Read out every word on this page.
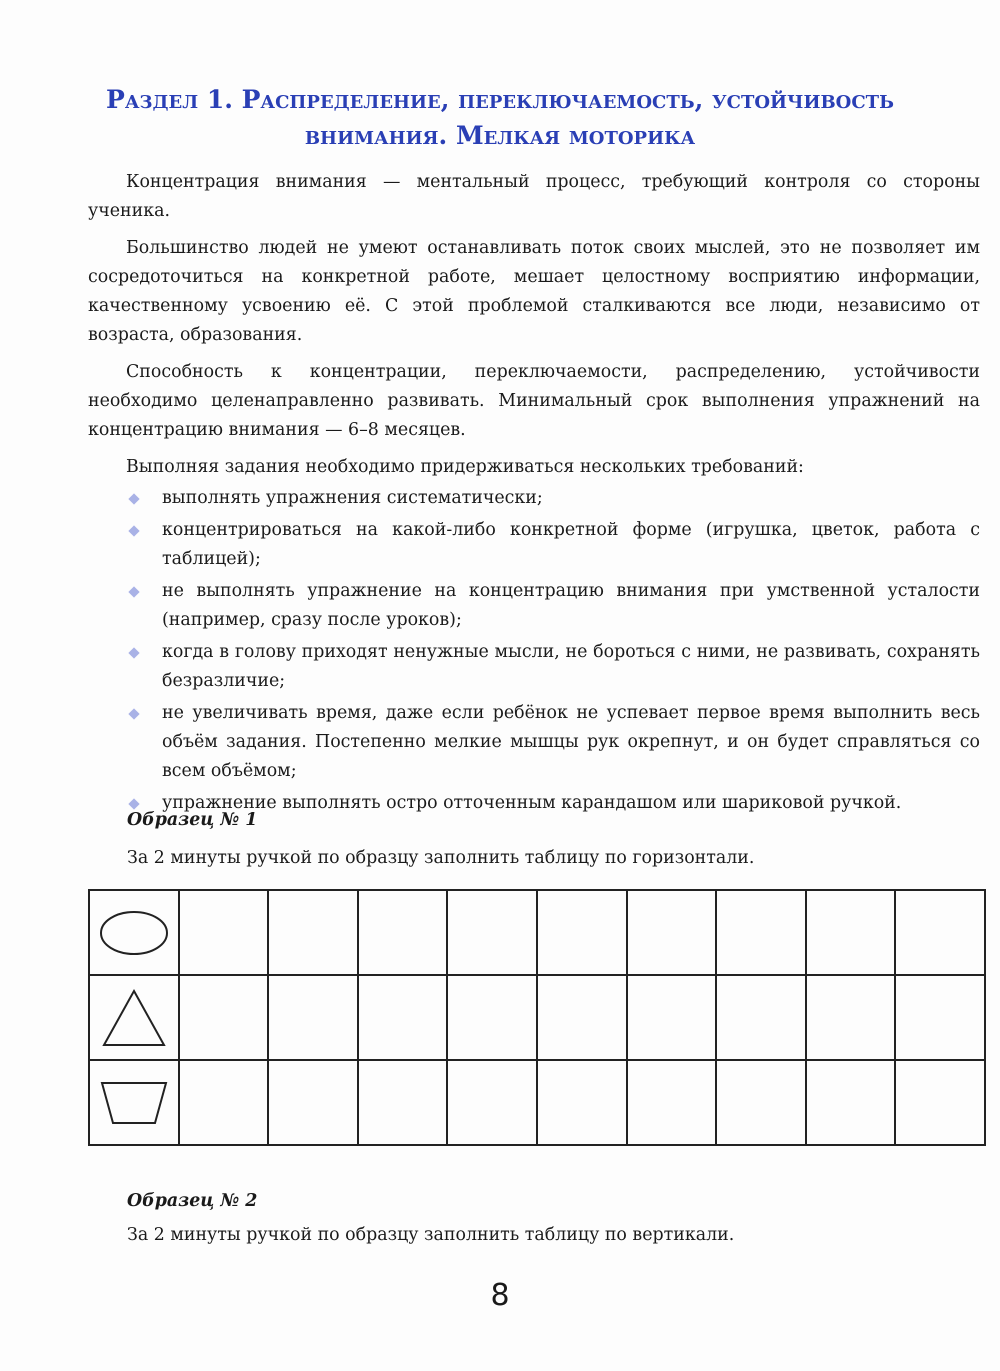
Раздел 1. Распределение, переключаемость, устойчивость
внимания. Мелкая моторика

Концентрация внимания — ментальный процесс, требующий контроля со стороны ученика.

Большинство людей не умеют останавливать поток своих мыслей, это не позволяет им сосредоточиться на конкретной работе, мешает целостному восприятию информации, качественному усвоению её. С этой проблемой сталкиваются все люди, независимо от возраста, образования.

Способность к концентрации, переключаемости, распределению, устойчивости необходимо целенаправленно развивать. Минимальный срок выполнения упражнений на концентрацию внимания — 6–8 месяцев.

Выполняя задания необходимо придерживаться нескольких требований:

выполнять упражнения систематически;
концентрироваться на какой-либо конкретной форме (игрушка, цветок, работа с таблицей);
не выполнять упражнение на концентрацию внимания при умственной усталости (например, сразу после уроков);
когда в голову приходят ненужные мысли, не бороться с ними, не развивать, сохранять безразличие;
не увеличивать время, даже если ребёнок не успевает первое время выполнить весь объём задания. Постепенно мелкие мышцы рук окрепнут, и он будет справляться со всем объёмом;
упражнение выполнять остро отточенным карандашом или шариковой ручкой.
Образец № 1
За 2 минуты ручкой по образцу заполнить таблицу по горизонтали.

Образец № 2
За 2 минуты ручкой по образцу заполнить таблицу по вертикали.
8
